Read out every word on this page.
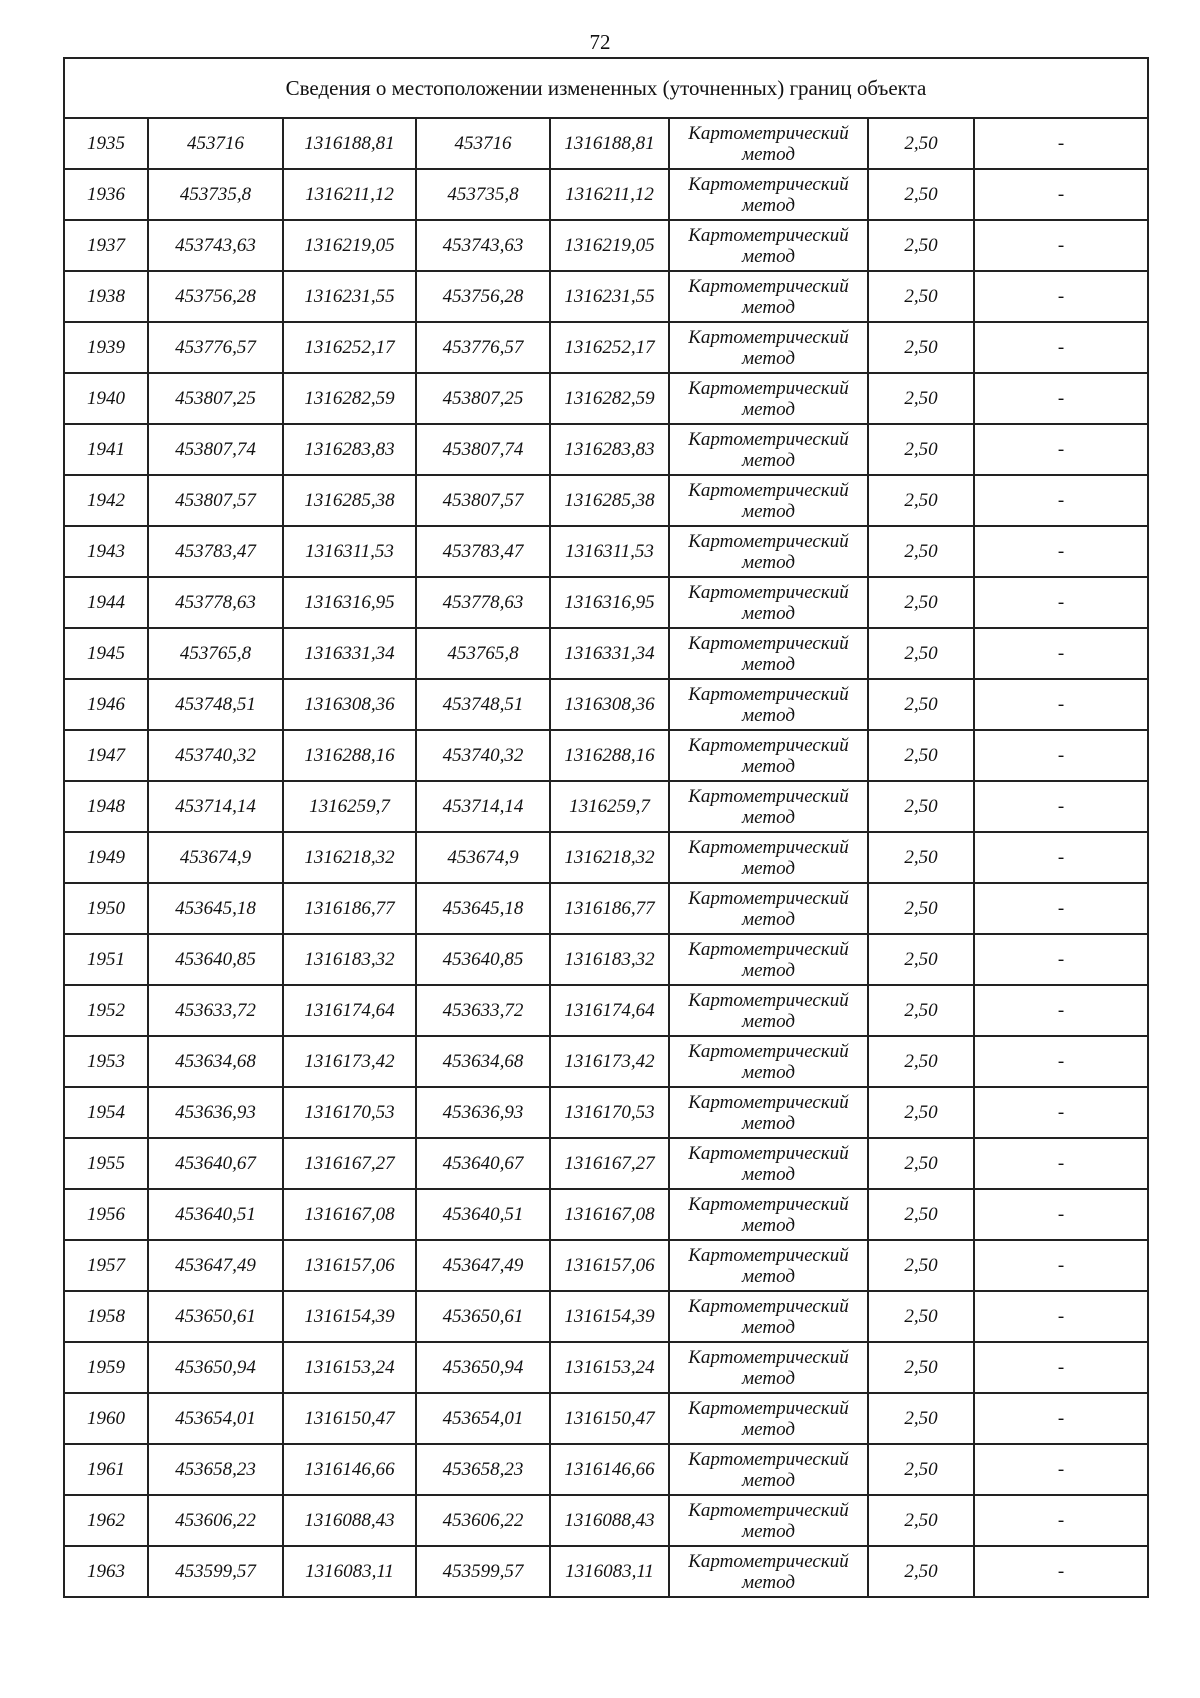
72
Сведения о местоположении измененных (уточненных) границ объекта							
1935	453716	1316188,81	453716	1316188,81	Картометрический
метод	2,50	-
1936	453735,8	1316211,12	453735,8	1316211,12	Картометрический
метод	2,50	-
1937	453743,63	1316219,05	453743,63	1316219,05	Картометрический
метод	2,50	-
1938	453756,28	1316231,55	453756,28	1316231,55	Картометрический
метод	2,50	-
1939	453776,57	1316252,17	453776,57	1316252,17	Картометрический
метод	2,50	-
1940	453807,25	1316282,59	453807,25	1316282,59	Картометрический
метод	2,50	-
1941	453807,74	1316283,83	453807,74	1316283,83	Картометрический
метод	2,50	-
1942	453807,57	1316285,38	453807,57	1316285,38	Картометрический
метод	2,50	-
1943	453783,47	1316311,53	453783,47	1316311,53	Картометрический
метод	2,50	-
1944	453778,63	1316316,95	453778,63	1316316,95	Картометрический
метод	2,50	-
1945	453765,8	1316331,34	453765,8	1316331,34	Картометрический
метод	2,50	-
1946	453748,51	1316308,36	453748,51	1316308,36	Картометрический
метод	2,50	-
1947	453740,32	1316288,16	453740,32	1316288,16	Картометрический
метод	2,50	-
1948	453714,14	1316259,7	453714,14	1316259,7	Картометрический
метод	2,50	-
1949	453674,9	1316218,32	453674,9	1316218,32	Картометрический
метод	2,50	-
1950	453645,18	1316186,77	453645,18	1316186,77	Картометрический
метод	2,50	-
1951	453640,85	1316183,32	453640,85	1316183,32	Картометрический
метод	2,50	-
1952	453633,72	1316174,64	453633,72	1316174,64	Картометрический
метод	2,50	-
1953	453634,68	1316173,42	453634,68	1316173,42	Картометрический
метод	2,50	-
1954	453636,93	1316170,53	453636,93	1316170,53	Картометрический
метод	2,50	-
1955	453640,67	1316167,27	453640,67	1316167,27	Картометрический
метод	2,50	-
1956	453640,51	1316167,08	453640,51	1316167,08	Картометрический
метод	2,50	-
1957	453647,49	1316157,06	453647,49	1316157,06	Картометрический
метод	2,50	-
1958	453650,61	1316154,39	453650,61	1316154,39	Картометрический
метод	2,50	-
1959	453650,94	1316153,24	453650,94	1316153,24	Картометрический
метод	2,50	-
1960	453654,01	1316150,47	453654,01	1316150,47	Картометрический
метод	2,50	-
1961	453658,23	1316146,66	453658,23	1316146,66	Картометрический
метод	2,50	-
1962	453606,22	1316088,43	453606,22	1316088,43	Картометрический
метод	2,50	-
1963	453599,57	1316083,11	453599,57	1316083,11	Картометрический
метод	2,50	-
